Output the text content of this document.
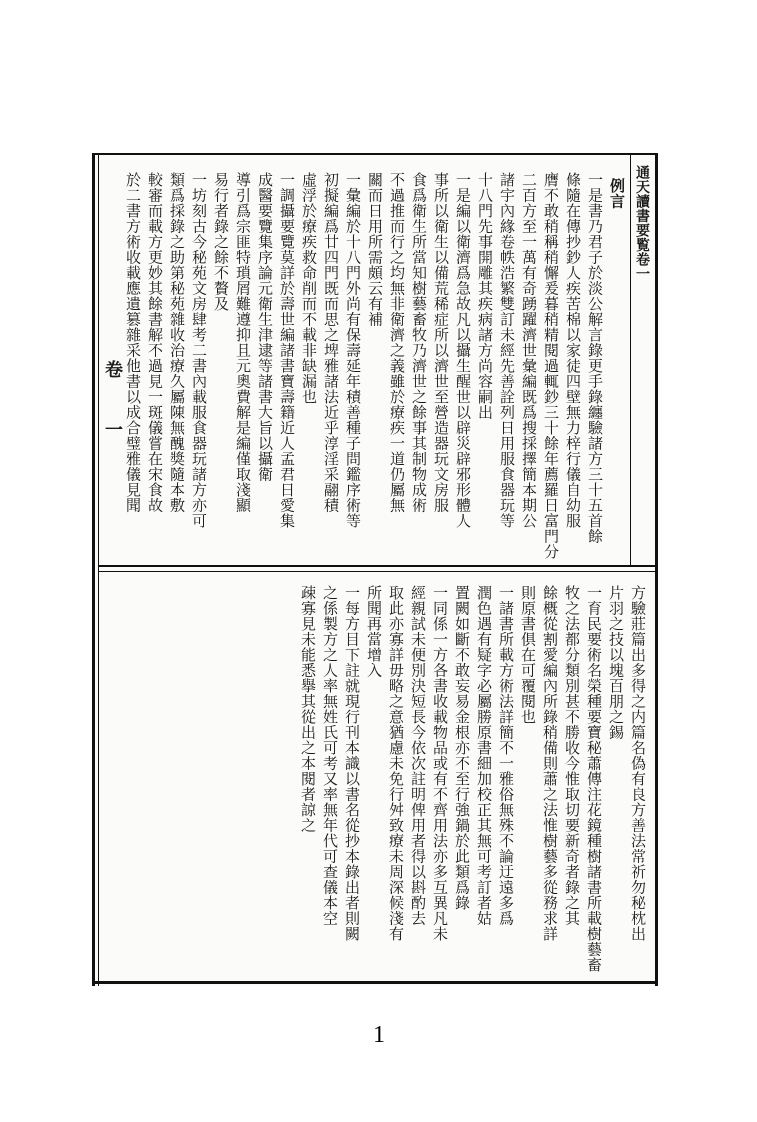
卷
一
通天讀書要覧卷一
例言
一是書乃君子於淡公解言錄更手錄纏驗諸方三十五首餘
條隨在傳抄鈔人疾苦棉以家徒四壁無力梓行儀自幼服
膺不敢稍稱稍懈爰暮稍精閱過輒鈔三十餘年薦羅日富門分
二百方至一萬有奇踴躍濟世彙編既爲搜採擇簡本期公
諸宇內緣卷帙浩繁雙訂未經先善詮列日用服食器玩等
十八門先事開雕其疾病諸方尚容嗣出
一是編以衛濟爲急故凡以攝生醒世以辟災辟邪形體人
事所以衛生以備荒稀症所以濟世至營造器玩文房服
食爲衛生所當知樹藝畜牧乃濟世之餘事其制物成術
不過推而行之均無非衛濟之義雖於療疾一道仍屬無
關而日用所需頗云有補
一彙編於十八門外尚有保壽延年積善種子問鑑序術等
初擬編爲廿四門既而思之埤雅諸法近乎淳淫采翮積
虛浮於療疾救命削而不載非缺漏也
一調攝要覽莫詳於壽世編諸書寶壽籍近人孟君日愛集
成醫要覽集序論元衛生津逮等諸書大旨以攝衛
導引爲宗匪特瑣屑難遵抑且元奧費解是編僅取淺顯
易行者錄之餘不贅及
一坊刻古今秘苑文房肆考二書內載服食器玩諸方亦可
類爲採錄之助第秘苑雜收治療久屬陳無醜獎隨本敷
較審而載方更妙其餘書解不過見一斑儀嘗在宋食故
於二書方術收載應遺篡雜采他書以成合璧雅儀見聞
方驗莊篇出多得之内篇名偽有良方善法常祈勿秘枕出
片羽之技以塊百朋之錫
一育民要術名榮種要寶秘蕭傳注花鏡種樹諸書所載樹藝畜
牧之法都分類別甚不勝收今惟取切要新奇者錄之其
餘概從割愛編內所錄稍備則蕭之法惟樹藝多從務求詳
則原書俱在可覆閱也
一諸書所載方術法詳簡不一雅俗無殊不論迂遠多爲
潤色遇有疑字必屬勝原書細加校正其無可考訂者姑
置闕如斷不敢妄易金根亦不至行強鍋於此類爲錄
一同係一方各書收載物品或有不齊用法亦多互異凡未
經親試未便別決短長今依次註明俾用者得以斟酌去
取此亦寡詳毋略之意猶慮未免行舛致療未周深候淺有
所聞再當增入
一每方目下註就現行刊本識以書名從抄本錄出者則闕
之係製方之人率無姓氏可考又率無年代可查儀本空
疎寡見未能悉擧其從出之本閱者諒之
1
